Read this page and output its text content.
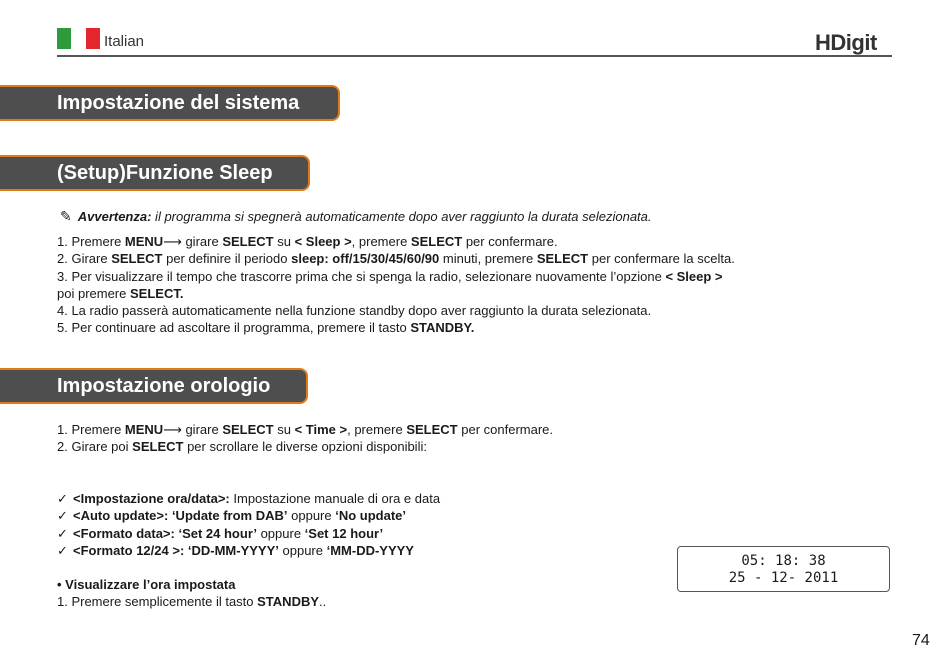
Italian	HDigit
Impostazione del sistema
(Setup)Funzione Sleep
✎ Avvertenza: il programma si spegnerà automaticamente dopo aver raggiunto la durata selezionata.

1. Premere MENU⟶ girare SELECT su < Sleep >, premere SELECT per confermare.

2. Girare SELECT per definire il periodo sleep: off/15/30/45/60/90 minuti, premere SELECT per confermare la scelta.

3. Per visualizzare il tempo che trascorre prima che si spenga la radio, selezionare nuovamente l’opzione < Sleep >

poi premere SELECT.

4. La radio passerà automaticamente nella funzione standby dopo aver raggiunto la durata selezionata.

5. Per continuare ad ascoltare il programma, premere il tasto STANDBY.

Impostazione orologio

1. Premere MENU⟶ girare SELECT su < Time >, premere SELECT per confermare.

2. Girare poi SELECT per scrollare le diverse opzioni disponibili:

✓ <Impostazione ora/data>: Impostazione manuale di ora e data

✓ <Auto update>: ‘Update from DAB’ oppure ‘No update’

✓ <Formato data>: ‘Set 24 hour’ oppure ‘Set 12 hour’

✓ <Formato 12/24 >: ‘DD-MM-YYYY’ oppure ‘MM-DD-YYYY

• Visualizzare l’ora impostata

1. Premere semplicemente il tasto STANDBY..

05: 18: 38
25 - 12- 2011
74
